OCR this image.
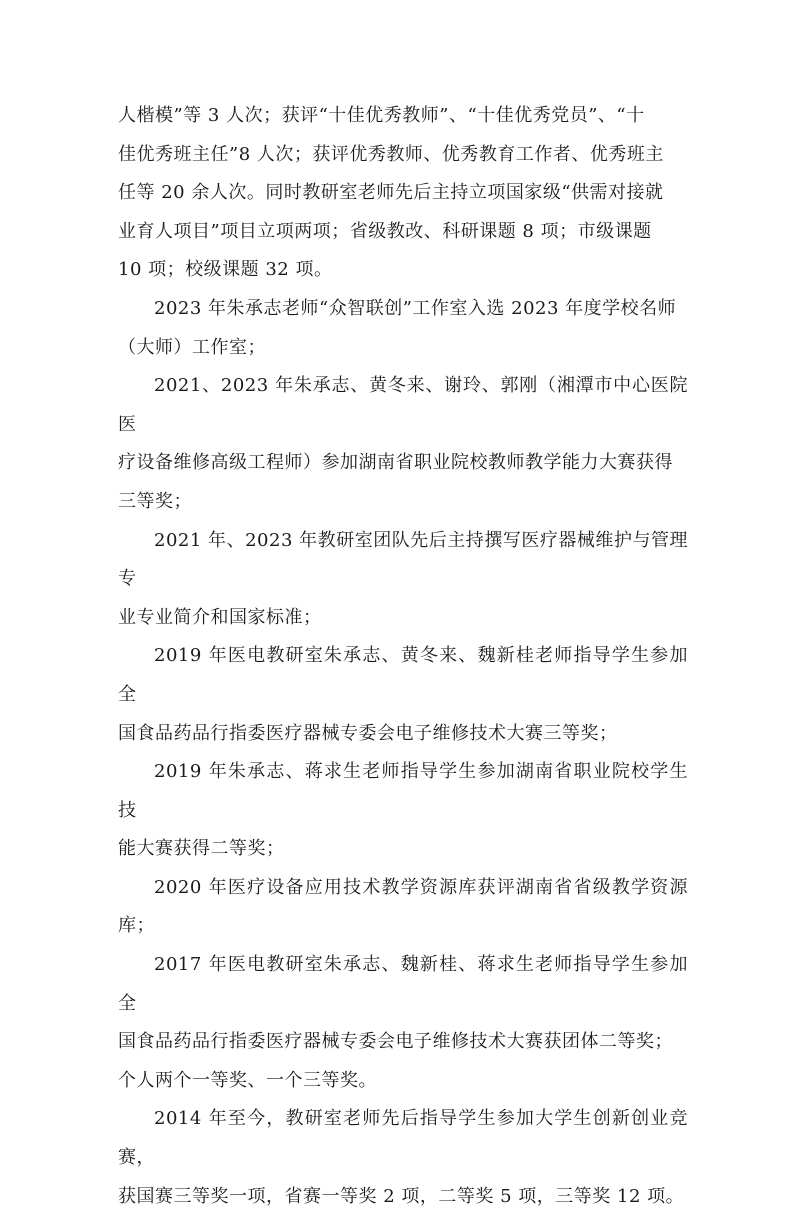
人楷模”等 3 人次；获评“十佳优秀教师”、“十佳优秀党员”、“十
佳优秀班主任”8 人次；获评优秀教师、优秀教育工作者、优秀班主
任等 20 余人次。同时教研室老师先后主持立项国家级“供需对接就
业育人项目”项目立项两项；省级教改、科研课题 8 项；市级课题
10 项；校级课题 32 项。

2023 年朱承志老师“众智联创”工作室入选 2023 年度学校名师
（大师）工作室；

2021、2023 年朱承志、黄冬来、谢玲、郭刚（湘潭市中心医院医
疗设备维修高级工程师）参加湖南省职业院校教师教学能力大赛获得
三等奖；

2021 年、2023 年教研室团队先后主持撰写医疗器械维护与管理专
业专业简介和国家标准；

2019 年医电教研室朱承志、黄冬来、魏新桂老师指导学生参加全
国食品药品行指委医疗器械专委会电子维修技术大赛三等奖；

2019 年朱承志、蒋求生老师指导学生参加湖南省职业院校学生技
能大赛获得二等奖；

2020 年医疗设备应用技术教学资源库获评湖南省省级教学资源库；

2017 年医电教研室朱承志、魏新桂、蒋求生老师指导学生参加全
国食品药品行指委医疗器械专委会电子维修技术大赛获团体二等奖；
个人两个一等奖、一个三等奖。

2014 年至今，教研室老师先后指导学生参加大学生创新创业竞赛，
获国赛三等奖一项，省赛一等奖 2 项，二等奖 5 项，三等奖 12 项。
